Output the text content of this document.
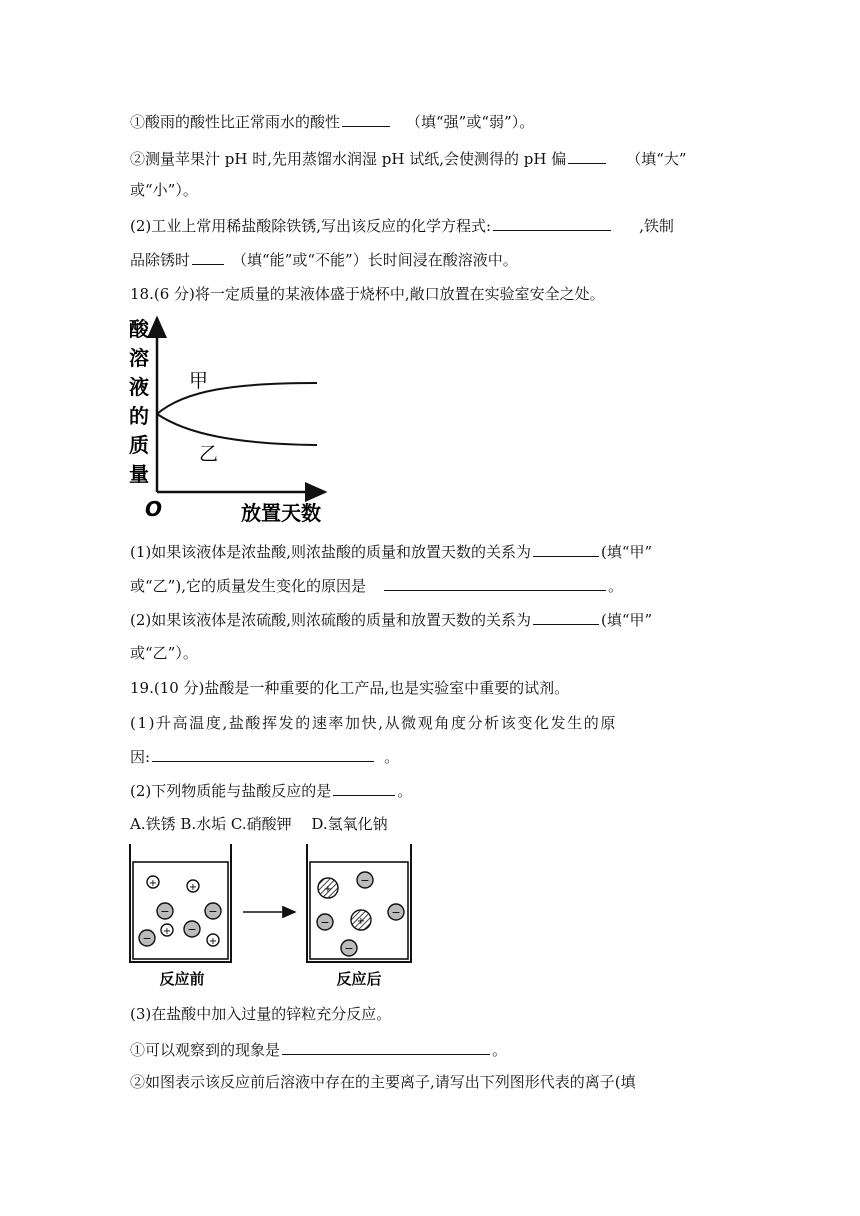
①酸雨的酸性比正常雨水的酸性	（填“强”或“弱”）。

②测量苹果汁 pH 时,先用蒸馏水润湿 pH 试纸,会使测得的 pH 偏	（填“大”

或“小”）。

(2)工业上常用稀盐酸除铁锈,写出该反应的化学方程式:	,铁制

品除锈时	（填“能”或“不能”）长时间浸在酸溶液中。

18.(6 分)将一定质量的某液体盛于烧杯中,敞口放置在实验室安全之处。

酸
溶
液
的
质
量
甲
乙
O	放置天数

(1)如果该液体是浓盐酸,则浓盐酸的质量和放置天数的关系为	(填“甲”

或“乙”),它的质量发生变化的原因是	。

(2)如果该液体是浓硫酸,则浓硫酸的质量和放置天数的关系为	(填“甲”

或“乙”）。

19.(10 分)盐酸是一种重要的化工产品,也是实验室中重要的试剂。

(1)升高温度,盐酸挥发的速率加快,从微观角度分析该变化发生的原

因:	。

(2)下列物质能与盐酸反应的是	。

A.铁锈 B.水垢 C.硝酸钾　 D.氢氧化钠

+	+
−	−
+ −
−	+
+
−
−	+
−
−
反应前	反应后

(3)在盐酸中加入过量的锌粒充分反应。

①可以观察到的现象是	。

②如图表示该反应前后溶液中存在的主要离子,请写出下列图形代表的离子(填
